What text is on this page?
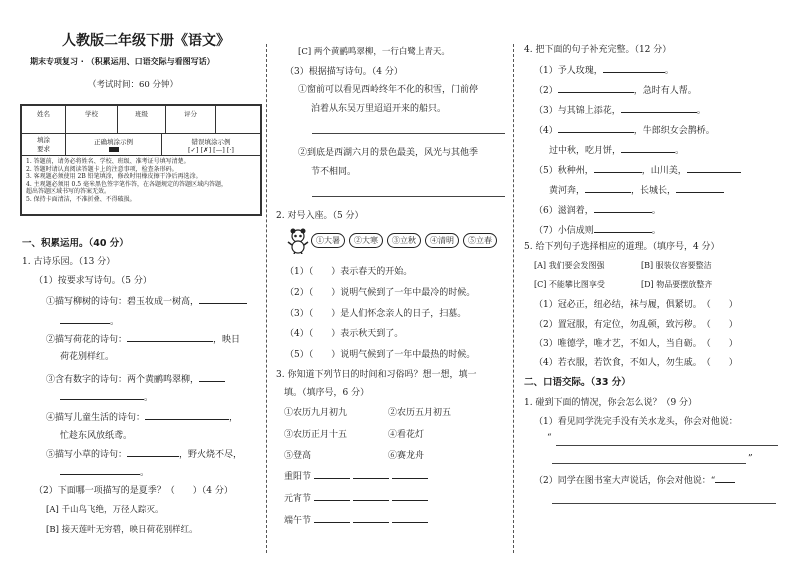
人教版二年级下册《语文》
期末专项复习 · （积累运用、口语交际与看图写话）
（考试时间：60 分钟）
姓名	学校	班级	评分
填涂
要求
正确填涂示例	错误填涂示例
[✓] [✗] [—] [·]
1. 答题前，请务必将姓名、学校、班级、准考证号填写清楚。
2. 答题时请认真阅读答题卡上的注意事项，检查条形码。
3. 客观题必须使用 2B 铅笔填涂，修改时用橡皮擦干净后再选涂。
4. 主观题必须用 0.5 毫米黑色签字笔作答，在各题规定的答题区域内答题，
超出答题区域书写的答案无效。
5. 保持卡面清洁，不准折叠、不得破损。
一、积累运用。（40 分）
1. 古诗乐园。（13 分）
（1）按要求写诗句。（5 分）
①描写柳树的诗句：碧玉妆成一树高，
。
②描写荷花的诗句：	，映日
荷花别样红。
③含有数字的诗句：两个黄鹂鸣翠柳，
。
④描写儿童生活的诗句：	，
忙趁东风放纸鸢。
⑤描写小草的诗句：	，野火烧不尽，
。
（2）下面哪一项描写的是夏季？（　　）（4 分）
[A] 千山鸟飞绝，万径人踪灭。
[B] 接天莲叶无穷碧，映日荷花别样红。
[C] 两个黄鹂鸣翠柳，一行白鹭上青天。
（3）根据描写诗句。（4 分）
①窗前可以看见西岭终年不化的积雪，门前停
泊着从东吴万里迢迢开来的船只。
②到底是西湖六月的景色最美，风光与其他季
节不相同。
2. 对号入座。（5 分）
①大暑	②大寒	③立秋	④清明	⑤立春
（1）（　　）表示春天的开始。
（2）（　　）说明气候到了一年中最冷的时候。
（3）（　　）是人们怀念亲人的日子，扫墓。
（4）（　　）表示秋天到了。
（5）（　　）说明气候到了一年中最热的时候。
3. 你知道下列节日的时间和习俗吗？想一想，填一
填。（填序号，6 分）
①农历九月初九	②农历五月初五
③农历正月十五	④看花灯
⑤登高	⑥赛龙舟
重阳节
元宵节
端午节
4. 把下面的句子补充完整。（12 分）
（1）予人玫瑰，	。
（2）	，急时有人帮。
（3）与其锦上添花，	。
（4）	，牛郎织女会鹊桥。
过中秋，吃月饼，	。
（5）秋种州，	，山川美，
黄河奔，	，长城长，
（6）滋润着，	。
（7）小信成则	。
5. 给下列句子选择相应的道理。（填序号，4 分）
[A] 我们要会发图强	[B] 服装仪容要整洁
[C] 不能攀比图享受	[D] 物品要摆放整齐
（1）冠必正，纽必结，袜与履，俱紧切。　（　　）
（2）置冠服，有定位，勿乱顿，致污秽。　（　　）
（3）唯德学，唯才艺，不如人，当自砺。　（　　）
（4）若衣服，若饮食，不如人，勿生戚。　（　　）
二、口语交际。（33 分）
1. 碰到下面的情况，你会怎么说？（9 分）
（1）看见同学洗完手没有关水龙头，你会对他说：
“
”
（2）同学在图书室大声说话，你会对他说：“
